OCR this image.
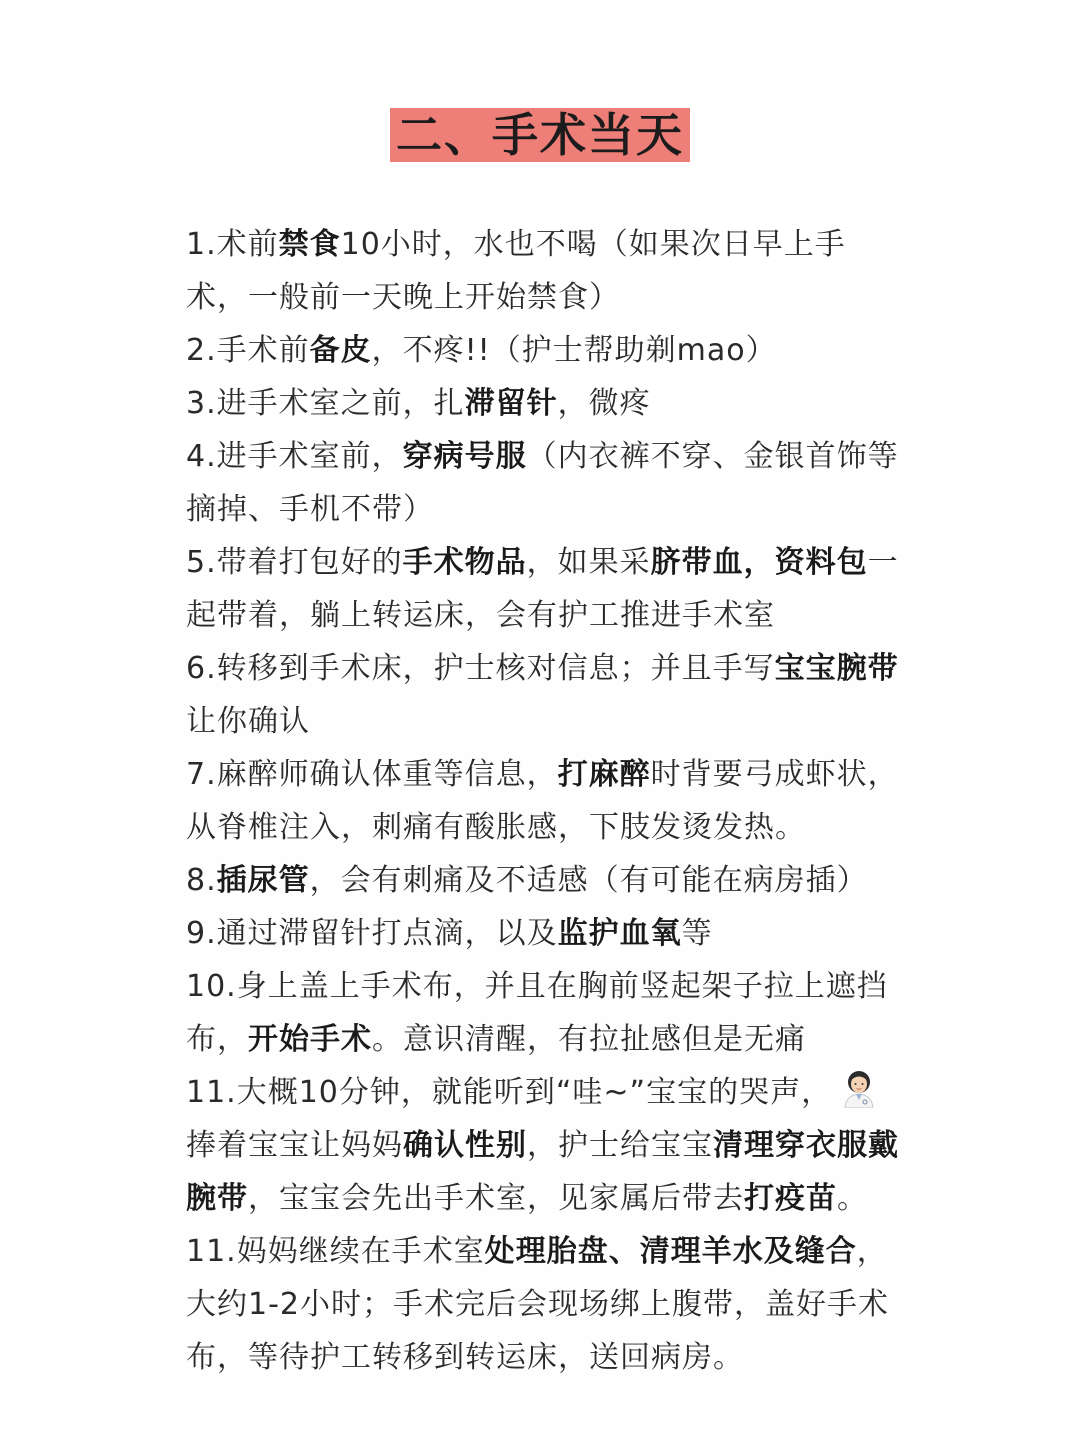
二、手术当天

1.术前禁食10小时，水也不喝（如果次日早上手术，一般前一天晚上开始禁食）

2.手术前备皮，不疼!!（护士帮助剃mao）

3.进手术室之前，扎滞留针，微疼

4.进手术室前，穿病号服（内衣裤不穿、金银首饰等摘掉、手机不带）

5.带着打包好的手术物品，如果采脐带血，资料包一起带着，躺上转运床，会有护工推进手术室

6.转移到手术床，护士核对信息；并且手写宝宝腕带让你确认

7.麻醉师确认体重等信息，打麻醉时背要弓成虾状，从脊椎注入，刺痛有酸胀感，下肢发烫发热。

8.插尿管，会有刺痛及不适感（有可能在病房插）

9.通过滞留针打点滴，以及监护血氧等

10.身上盖上手术布，并且在胸前竖起架子拉上遮挡布，开始手术。意识清醒，有拉扯感但是无痛

11.大概10分钟，就能听到“哇~”宝宝的哭声，捧着宝宝让妈妈确认性别，护士给宝宝清理穿衣服戴腕带，宝宝会先出手术室，见家属后带去打疫苗。

11.妈妈继续在手术室处理胎盘、清理羊水及缝合，大约1-2小时；手术完后会现场绑上腹带，盖好手术布，等待护工转移到转运床，送回病房。
